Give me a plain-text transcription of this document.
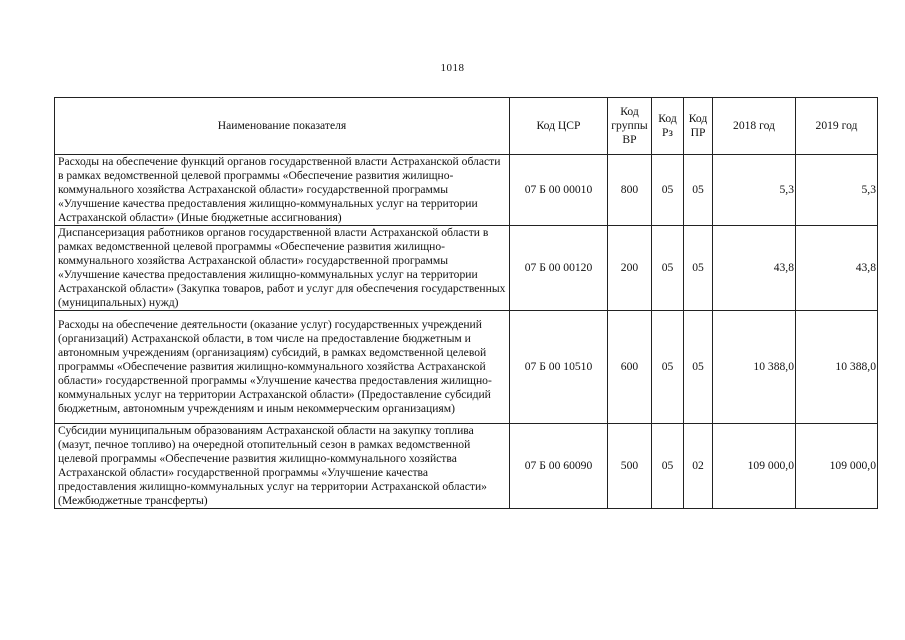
1018
Наименование показателя	Код ЦСР	Код группы ВР	Код Рз	Код ПР	2018 год	2019 год
Расходы на обеспечение функций органов государственной власти Астраханской области в рамках ведомственной целевой программы «Обеспечение развития жилищно-коммунального хозяйства Астраханской области» государственной программы «Улучшение качества предоставления жилищно-коммунальных услуг на территории Астраханской области» (Иные бюджетные ассигнования)	07 Б 00 00010	800	05	05	5,3	5,3
Диспансеризация работников органов государственной власти Астраханской области в рамках ведомственной целевой программы «Обеспечение развития жилищно-коммунального хозяйства Астраханской области» государственной программы «Улучшение качества предоставления жилищно-коммунальных услуг на территории Астраханской области» (Закупка товаров, работ и услуг для обеспечения государственных (муниципальных) нужд)	07 Б 00 00120	200	05	05	43,8	43,8
Расходы на обеспечение деятельности (оказание услуг) государственных учреждений (организаций) Астраханской области, в том числе на предоставление бюджетным и автономным учреждениям (организациям) субсидий, в рамках ведомственной целевой программы «Обеспечение развития жилищно-коммунального хозяйства Астраханской области» государственной программы «Улучшение качества предоставления жилищно-коммунальных услуг на территории Астраханской области» (Предоставление субсидий бюджетным, автономным учреждениям и иным некоммерческим организациям)	07 Б 00 10510	600	05	05	10 388,0	10 388,0
Субсидии муниципальным образованиям Астраханской области на закупку топлива (мазут, печное топливо) на очередной отопительный сезон в рамках ведомственной целевой программы «Обеспечение развития жилищно-коммунального хозяйства Астраханской области» государственной программы «Улучшение качества предоставления жилищно-коммунальных услуг на территории Астраханской области» (Межбюджетные трансферты)	07 Б 00 60090	500	05	02	109 000,0	109 000,0
